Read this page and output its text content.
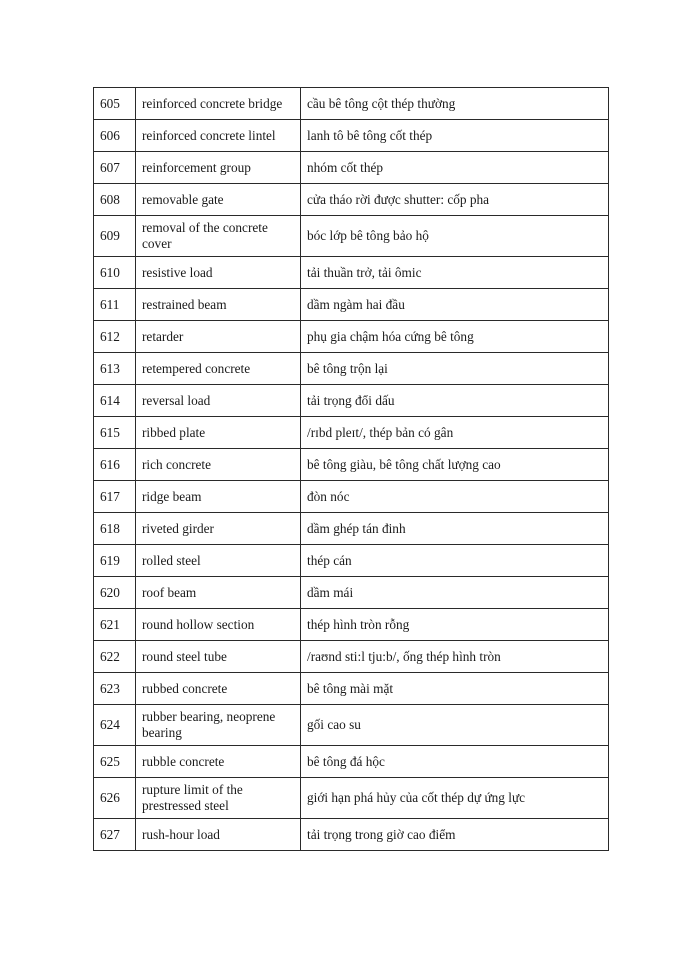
605	reinforced concrete bridge	cầu bê tông cột thép thường
606	reinforced concrete lintel	lanh tô bê tông cốt thép
607	reinforcement group	nhóm cốt thép
608	removable gate	cửa tháo rời được shutter: cốp pha
609	removal of the concrete cover	bóc lớp bê tông bảo hộ
610	resistive load	tải thuần trở, tải ômic
611	restrained beam	dầm ngàm hai đầu
612	retarder	phụ gia chậm hóa cứng bê tông
613	retempered concrete	bê tông trộn lại
614	reversal load	tải trọng đổi dấu
615	ribbed plate	/rɪbd pleɪt/, thép bản có gân
616	rich concrete	bê tông giàu, bê tông chất lượng cao
617	ridge beam	đòn nóc
618	riveted girder	dầm ghép tán đinh
619	rolled steel	thép cán
620	roof beam	dầm mái
621	round hollow section	thép hình tròn rỗng
622	round steel tube	/raʊnd sti:l tju:b/, ống thép hình tròn
623	rubbed concrete	bê tông mài mặt
624	rubber bearing, neoprene bearing	gối cao su
625	rubble concrete	bê tông đá hộc
626	rupture limit of the prestressed steel	giới hạn phá hủy của cốt thép dự ứng lực
627	rush-hour load	tải trọng trong giờ cao điểm
